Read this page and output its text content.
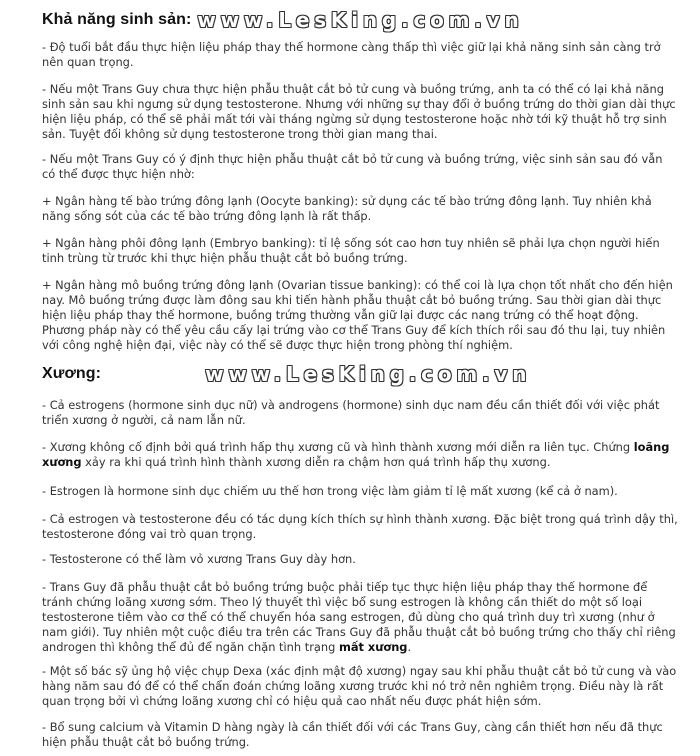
Khả năng sinh sản: www.LesKing.com.vn

- Độ tuổi bắt đầu thực hiện liệu pháp thay thế hormone càng thấp thì việc giữ lại khả năng sinh sản càng trở nên quan trọng.

- Nếu một Trans Guy chưa thực hiện phẫu thuật cắt bỏ tử cung và buồng trứng, anh ta có thể có lại khả năng sinh sản sau khi ngưng sử dụng testosterone. Nhưng với những sự thay đổi ở buồng trứng do thời gian dài thực hiện liệu pháp, có thể sẽ phải mất tới vài tháng ngừng sử dụng testosterone hoặc nhờ tới kỹ thuật hỗ trợ sinh sản. Tuyệt đối không sử dụng testosterone trong thời gian mang thai.

- Nếu một Trans Guy có ý định thực hiện phẫu thuật cắt bỏ tử cung và buồng trứng, việc sinh sản sau đó vẫn có thể được thực hiện nhờ:

+ Ngân hàng tế bào trứng đông lạnh (Oocyte banking): sử dụng các tế bào trứng đông lạnh. Tuy nhiên khả năng sống sót của các tế bào trứng đông lạnh là rất thấp.

+ Ngân hàng phôi đông lạnh (Embryo banking): tỉ lệ sống sót cao hơn tuy nhiên sẽ phải lựa chọn người hiến tinh trùng từ trước khi thực hiện phẫu thuật cắt bỏ buồng trứng.

+ Ngân hàng mô buồng trứng đông lạnh (Ovarian tissue banking): có thể coi là lựa chọn tốt nhất cho đến hiện nay. Mô buồng trứng được làm đông sau khi tiến hành phẫu thuật cắt bỏ buồng trứng. Sau thời gian dài thực hiện liệu pháp thay thế hormone, buồng trứng thường vẫn giữ lại được các nang trứng có thể hoạt động. Phương pháp này có thể yêu cầu cấy lại trứng vào cơ thể Trans Guy để kích thích rồi sau đó thu lại, tuy nhiên với công nghệ hiện đại, việc này có thể sẽ được thực hiện trong phòng thí nghiệm.

Xương:	www.LesKing.com.vn

- Cả estrogens (hormone sinh dục nữ) và androgens (hormone) sinh dục nam đều cần thiết đối với việc phát triển xương ở người, cả nam lẫn nữ.

- Xương không cố định bởi quá trình hấp thụ xương cũ và hình thành xương mới diễn ra liên tục. Chứng loãng xương xảy ra khi quá trình hình thành xương diễn ra chậm hơn quá trình hấp thụ xương.

- Estrogen là hormone sinh dục chiếm ưu thế hơn trong việc làm giảm tỉ lệ mất xương (kể cả ở nam).

- Cả estrogen và testosterone đều có tác dụng kích thích sự hình thành xương. Đặc biệt trong quá trình dậy thì, testosterone đóng vai trò quan trọng.

- Testosterone có thể làm vỏ xương Trans Guy dày hơn.

- Trans Guy đã phẫu thuật cắt bỏ buồng trứng buộc phải tiếp tục thực hiện liệu pháp thay thế hormone để tránh chứng loãng xương sớm. Theo lý thuyết thì việc bổ sung estrogen là không cần thiết do một số loại testosterone tiêm vào cơ thể có thể chuyển hóa sang estrogen, đủ dùng cho quá trình duy trì xương (như ở nam giới). Tuy nhiên một cuộc điều tra trên các Trans Guy đã phẫu thuật cắt bỏ buồng trứng cho thấy chỉ riêng androgen thì không thể đủ để ngăn chặn tình trạng mất xương.

- Một số bác sỹ ủng hộ việc chụp Dexa (xác định mật độ xương) ngay sau khi phẫu thuật cắt bỏ tử cung và vào hàng năm sau đó để có thể chẩn đoán chứng loãng xương trước khi nó trở nên nghiêm trọng. Điều này là rất quan trọng bởi vì chứng loãng xương chỉ có hiệu quả cao nhất nếu được phát hiện sớm.

- Bổ sung calcium và Vitamin D hàng ngày là cần thiết đối với các Trans Guy, càng cần thiết hơn nếu đã thực hiện phẫu thuật cắt bỏ buồng trứng.
